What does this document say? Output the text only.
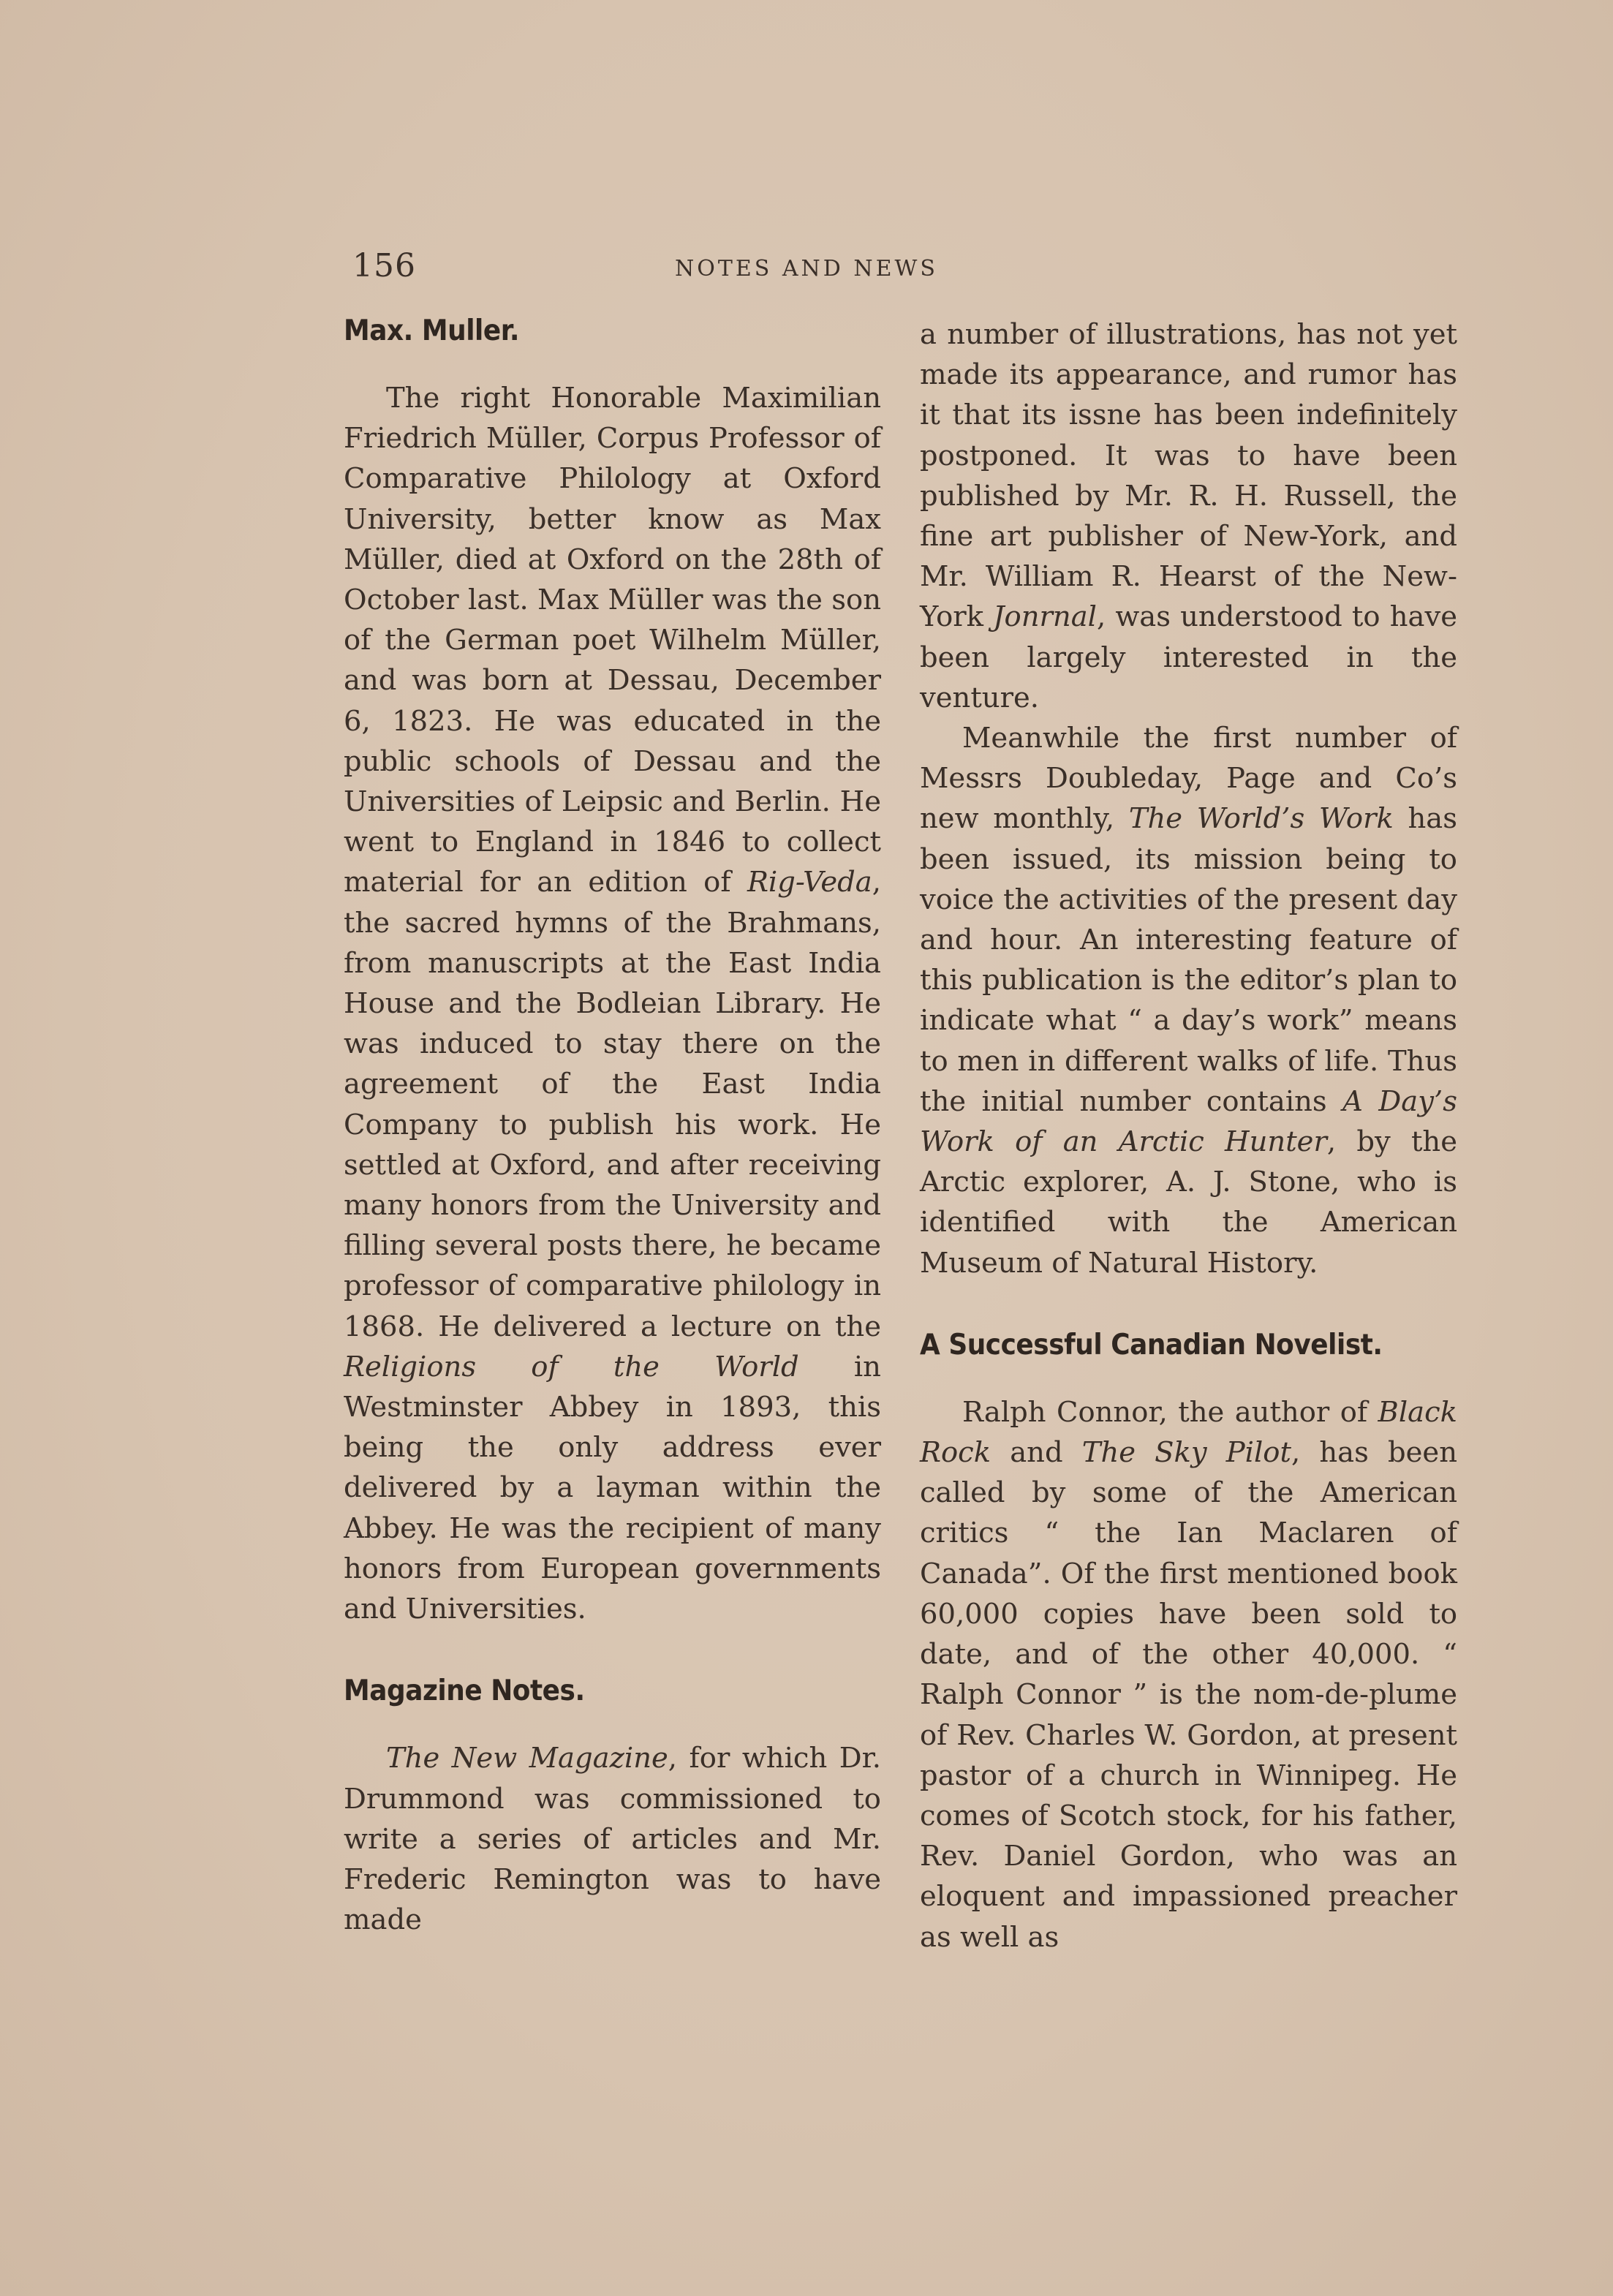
156	NOTES AND NEWS
Max. Muller.

The right Honorable Maximilian Friedrich Müller, Corpus Professor of Comparative Philology at Oxford University, better know as Max Müller, died at Oxford on the 28th of October last. Max Müller was the son of the German poet Wilhelm Müller, and was born at Dessau, December 6, 1823. He was educated in the public schools of Dessau and the Universities of Leipsic and Berlin. He went to England in 1846 to collect material for an edition of Rig-Veda, the sacred hymns of the Brahmans, from manuscripts at the East India House and the Bodleian Library. He was induced to stay there on the agreement of the East India Company to publish his work. He settled at Oxford, and after receiving many honors from the University and filling several posts there, he became professor of comparative philology in 1868. He delivered a lecture on the Religions of the World in Westminster Abbey in 1893, this being the only address ever delivered by a layman within the Abbey. He was the recipient of many honors from European governments and Universities.

Magazine Notes.

The New Magazine, for which Dr. Drummond was commissioned to write a series of articles and Mr. Frederic Remington was to have made

a number of illustrations, has not yet made its appearance, and rumor has it that its issne has been indefinitely postponed. It was to have been published by Mr. R. H. Russell, the fine art publisher of New-York, and Mr. William R. Hearst of the New-York Jonrnal, was understood to have been largely interested in the venture.

Meanwhile the first number of Messrs Doubleday, Page and Co’s new monthly, The World’s Work has been issued, its mission being to voice the activities of the present day and hour. An interesting feature of this publication is the editor’s plan to indicate what “ a day’s work” means to men in different walks of life. Thus the initial number contains A Day’s Work of an Arctic Hunter, by the Arctic explorer, A. J. Stone, who is identified with the American Museum of Natural History.

A Successful Canadian Novelist.

Ralph Connor, the author of Black Rock and The Sky Pilot, has been called by some of the American critics “ the Ian Maclaren of Canada”. Of the first mentioned book 60,000 copies have been sold to date, and of the other 40,000. “ Ralph Connor ” is the nom-de-plume of Rev. Charles W. Gordon, at present pastor of a church in Winnipeg. He comes of Scotch stock, for his father, Rev. Daniel Gordon, who was an eloquent and impassioned preacher as well as
